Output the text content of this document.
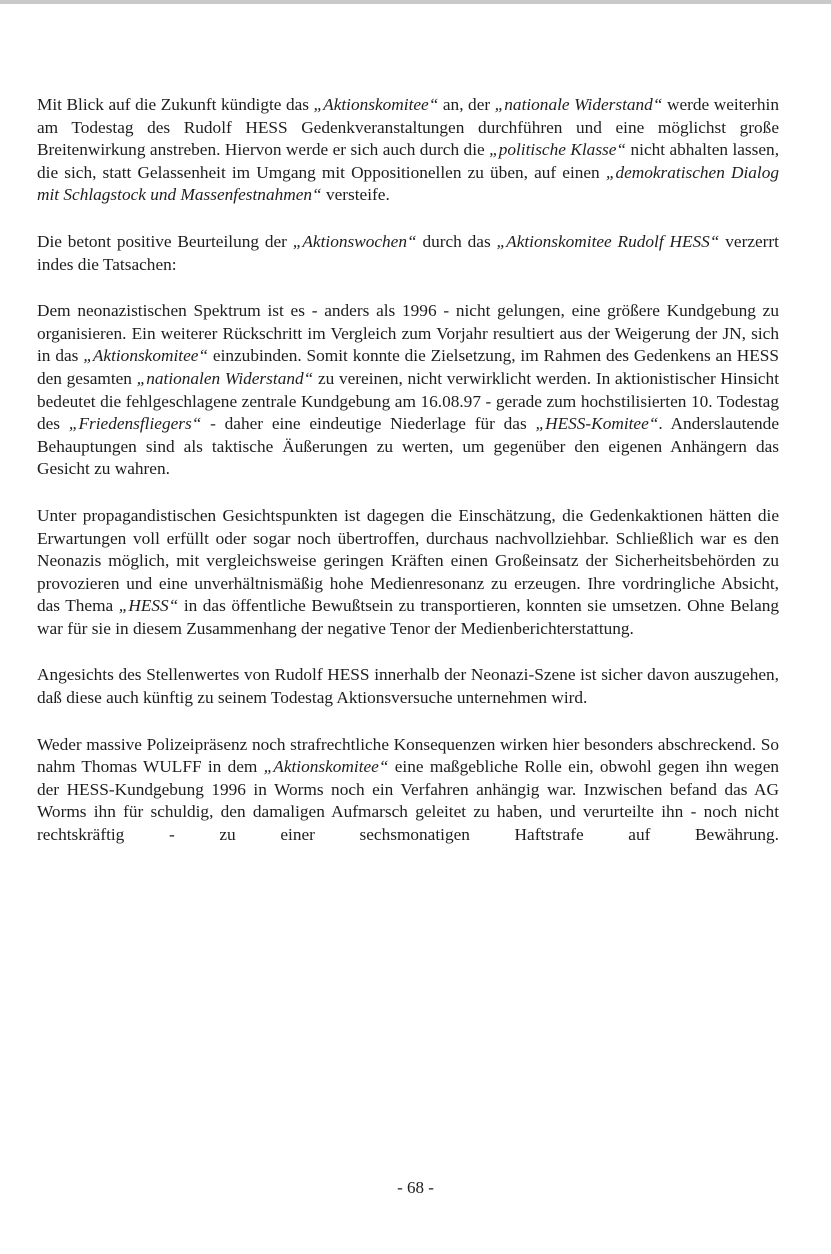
Mit Blick auf die Zukunft kündigte das „Aktionskomitee“ an, der „nationale Widerstand“ werde weiterhin am Todestag des Rudolf HESS Gedenkveranstaltungen durchführen und eine möglichst große Breitenwirkung anstreben. Hiervon werde er sich auch durch die „politische Klasse“ nicht abhalten lassen, die sich, statt Gelassenheit im Umgang mit Oppositionellen zu üben, auf einen „demokratischen Dialog mit Schlagstock und Massenfestnahmen“ versteife.

Die betont positive Beurteilung der „Aktionswochen“ durch das „Aktionskomitee Rudolf HESS“ verzerrt indes die Tatsachen:

Dem neonazistischen Spektrum ist es - anders als 1996 - nicht gelungen, eine größere Kundgebung zu organisieren. Ein weiterer Rückschritt im Vergleich zum Vorjahr resultiert aus der Weigerung der JN, sich in das „Aktionskomitee“ einzubinden. Somit konnte die Zielsetzung, im Rahmen des Gedenkens an HESS den gesamten „nationalen Widerstand“ zu vereinen, nicht verwirklicht werden. In aktionistischer Hinsicht bedeutet die fehlgeschlagene zentrale Kundgebung am 16.08.97 - gerade zum hochstilisierten 10. Todestag des „Friedensfliegers“ - daher eine eindeutige Niederlage für das „HESS-Komitee“. Anderslautende Behauptungen sind als taktische Äußerungen zu werten, um gegenüber den eigenen Anhängern das Gesicht zu wahren.

Unter propagandistischen Gesichtspunkten ist dagegen die Einschätzung, die Gedenkaktionen hätten die Erwartungen voll erfüllt oder sogar noch übertroffen, durchaus nachvollziehbar. Schließlich war es den Neonazis möglich, mit vergleichsweise geringen Kräften einen Großeinsatz der Sicherheitsbehörden zu provozieren und eine unverhältnismäßig hohe Medienresonanz zu erzeugen. Ihre vordringliche Absicht, das Thema „HESS“ in das öffentliche Bewußtsein zu transportieren, konnten sie umsetzen. Ohne Belang war für sie in diesem Zusammenhang der negative Tenor der Medienberichterstattung.

Angesichts des Stellenwertes von Rudolf HESS innerhalb der Neonazi-Szene ist sicher davon auszugehen, daß diese auch künftig zu seinem Todestag Aktionsversuche unternehmen wird.

Weder massive Polizeipräsenz noch strafrechtliche Konsequenzen wirken hier besonders abschreckend. So nahm Thomas WULFF in dem „Aktionskomitee“ eine maßgebliche Rolle ein, obwohl gegen ihn wegen der HESS-Kundgebung 1996 in Worms noch ein Verfahren anhängig war. Inzwischen befand das AG Worms ihn für schuldig, den damaligen Aufmarsch geleitet zu haben, und verurteilte ihn - noch nicht rechtskräftig - zu einer sechsmonatigen Haftstrafe auf Bewährung.

- 68 -
